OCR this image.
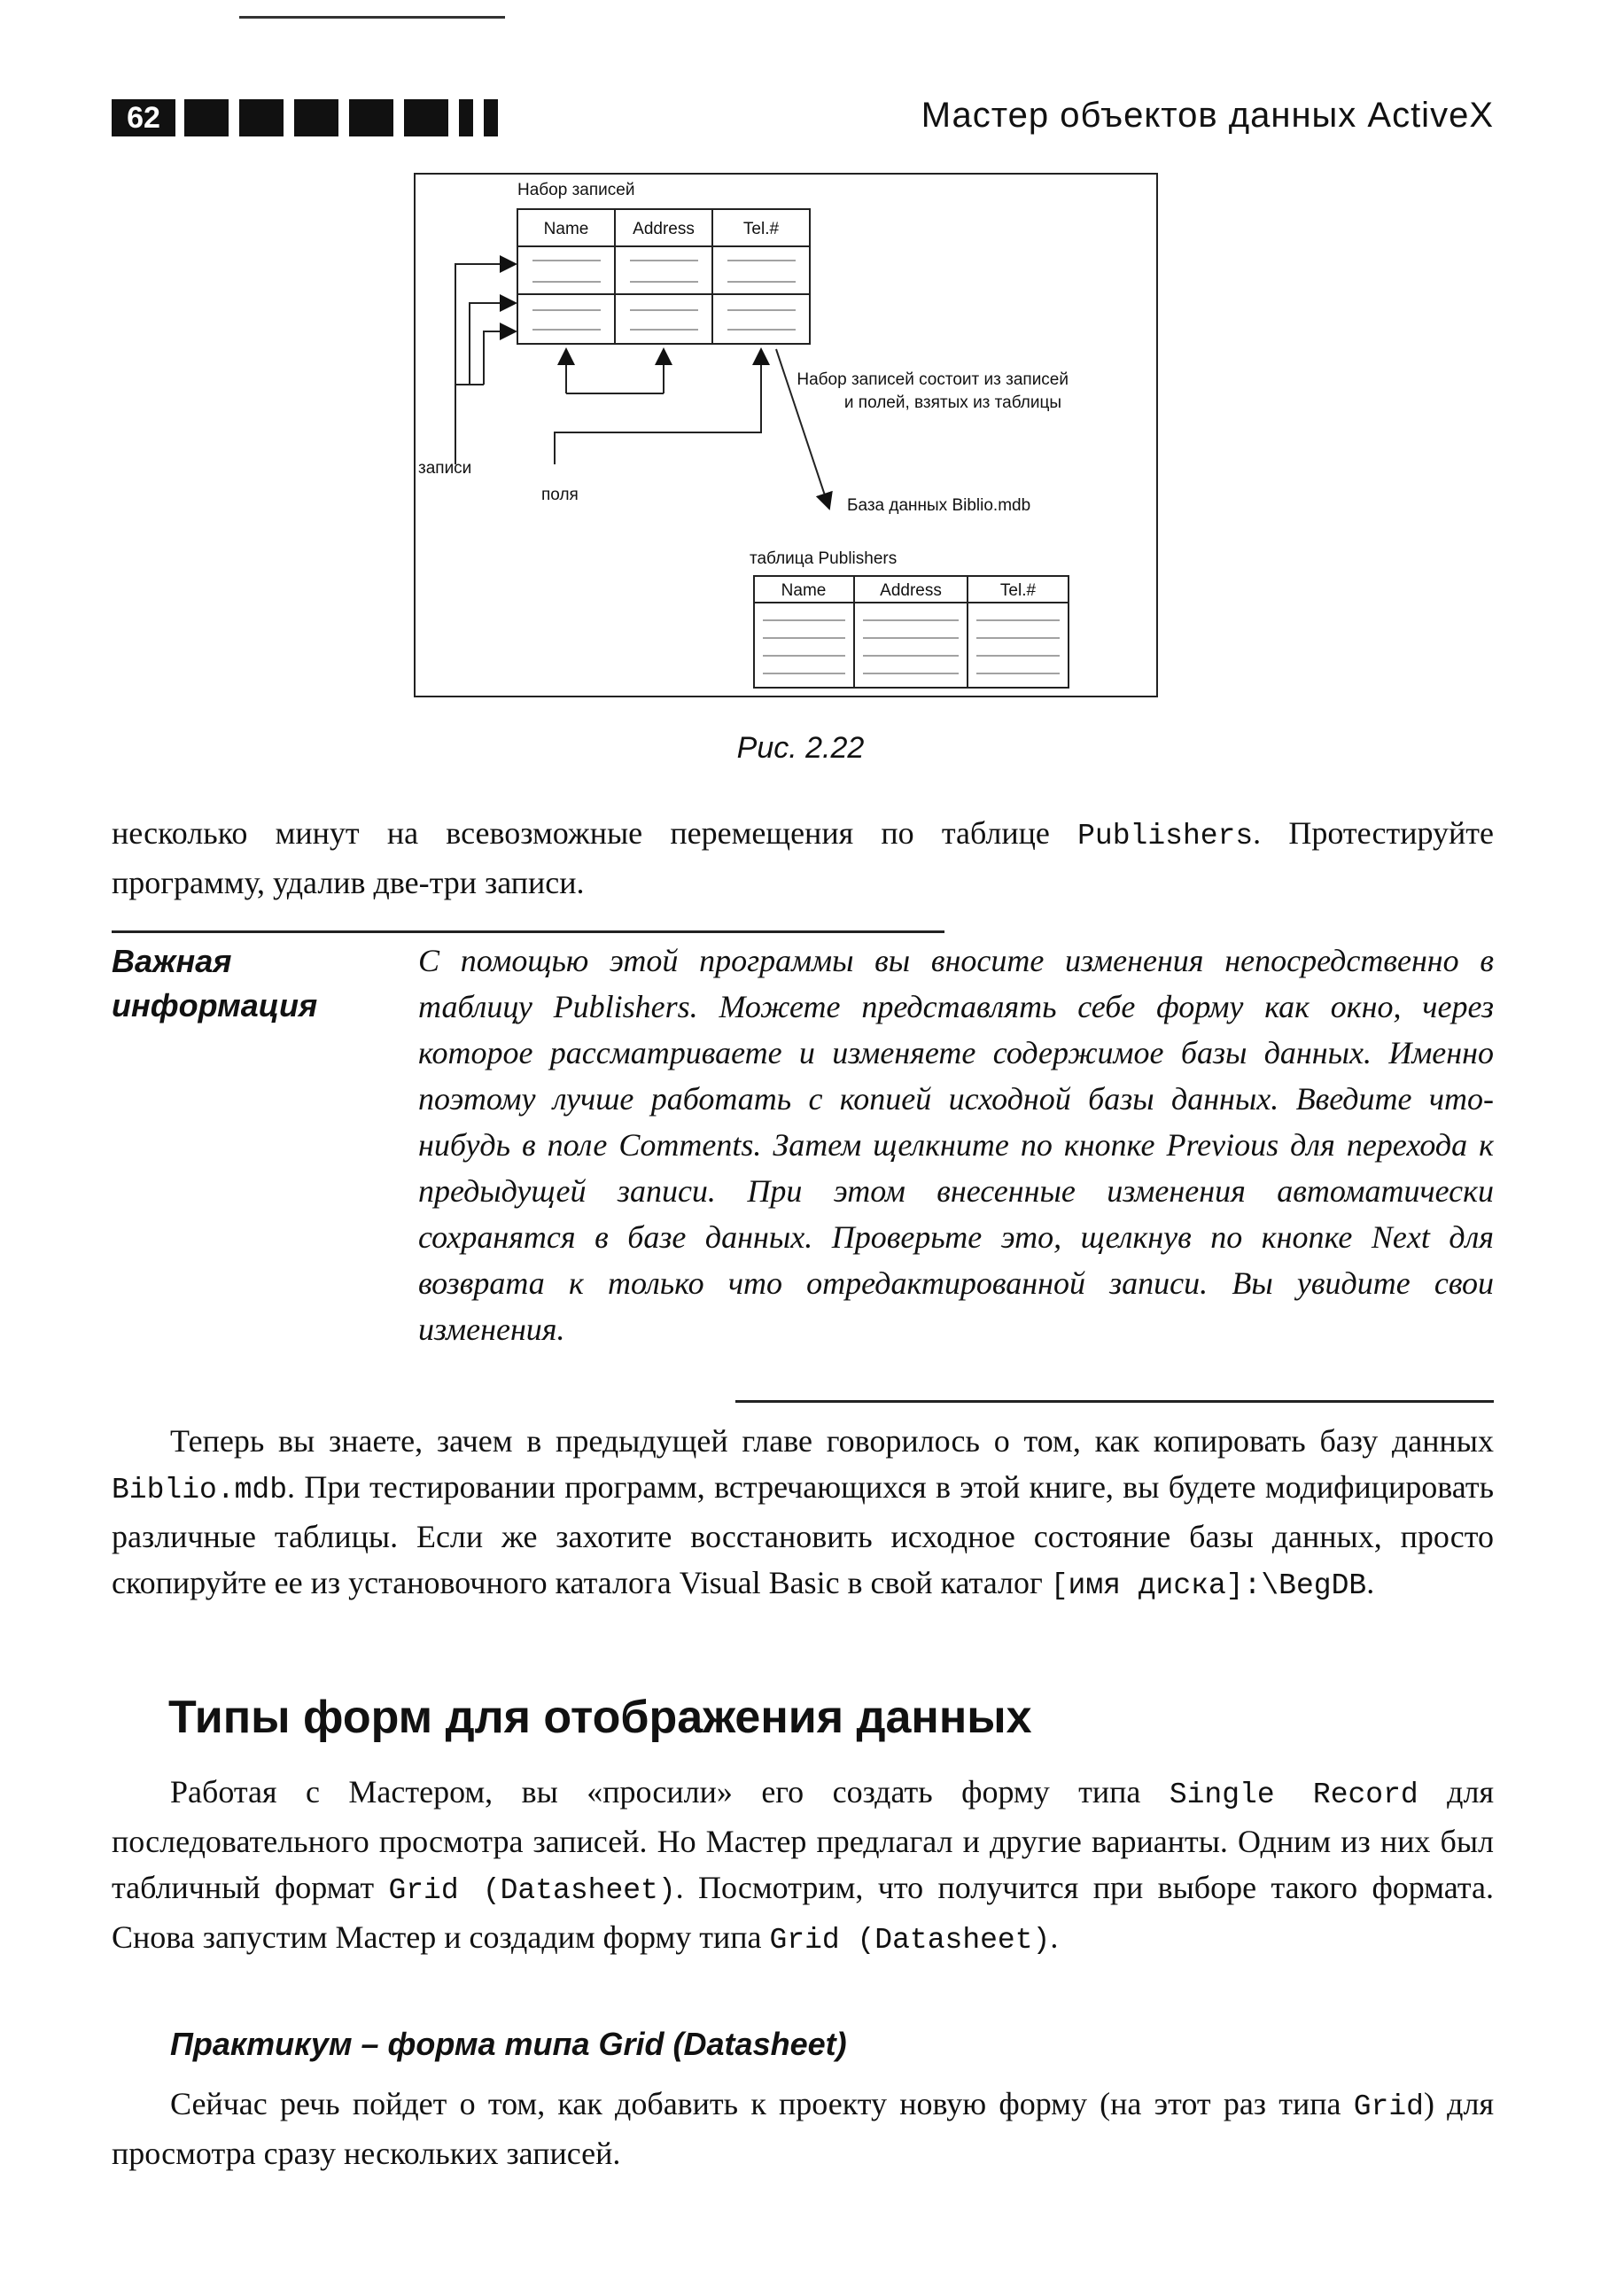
62	Мастер объектов данных ActiveX
Набор записей
Name	Address	Tel.#
записи
поля
Набор записей состоит из записей
и полей, взятых из таблицы
База данных Biblio.mdb
таблица Publishers
Name	Address	Tel.#
Рис. 2.22

несколько минут на всевозможные перемещения по таблице Publishers. Протестируйте программу, удалив две-три записи.

Важная
информация

С помощью этой программы вы вносите изменения непосредственно в таблицу Publishers. Можете представлять себе форму как окно, через которое рассматриваете и изменяете содержимое базы данных. Именно поэтому лучше работать с копией исходной базы данных. Введите что-нибудь в поле Comments. Затем щелкните по кнопке Previous для перехода к предыдущей записи. При этом внесенные изменения автоматически сохранятся в базе данных. Проверьте это, щелкнув по кнопке Next для возврата к только что отредактированной записи. Вы увидите свои изменения.

Теперь вы знаете, зачем в предыдущей главе говорилось о том, как копировать базу данных Biblio.mdb. При тестировании программ, встречающихся в этой книге, вы будете модифицировать различные таблицы. Если же захотите восстановить исходное состояние базы данных, просто скопируйте ее из установочного каталога Visual Basic в свой каталог [имя диска]:\BegDB.

Типы форм для отображения данных

Работая с Мастером, вы «просили» его создать форму типа Single Record для последовательного просмотра записей. Но Мастер предлагал и другие варианты. Одним из них был табличный формат Grid (Datasheet). Посмотрим, что получится при выборе такого формата. Снова запустим Мастер и создадим форму типа Grid (Datasheet).

Практикум – форма типа Grid (Datasheet)

Сейчас речь пойдет о том, как добавить к проекту новую форму (на этот раз типа Grid) для просмотра сразу нескольких записей.
